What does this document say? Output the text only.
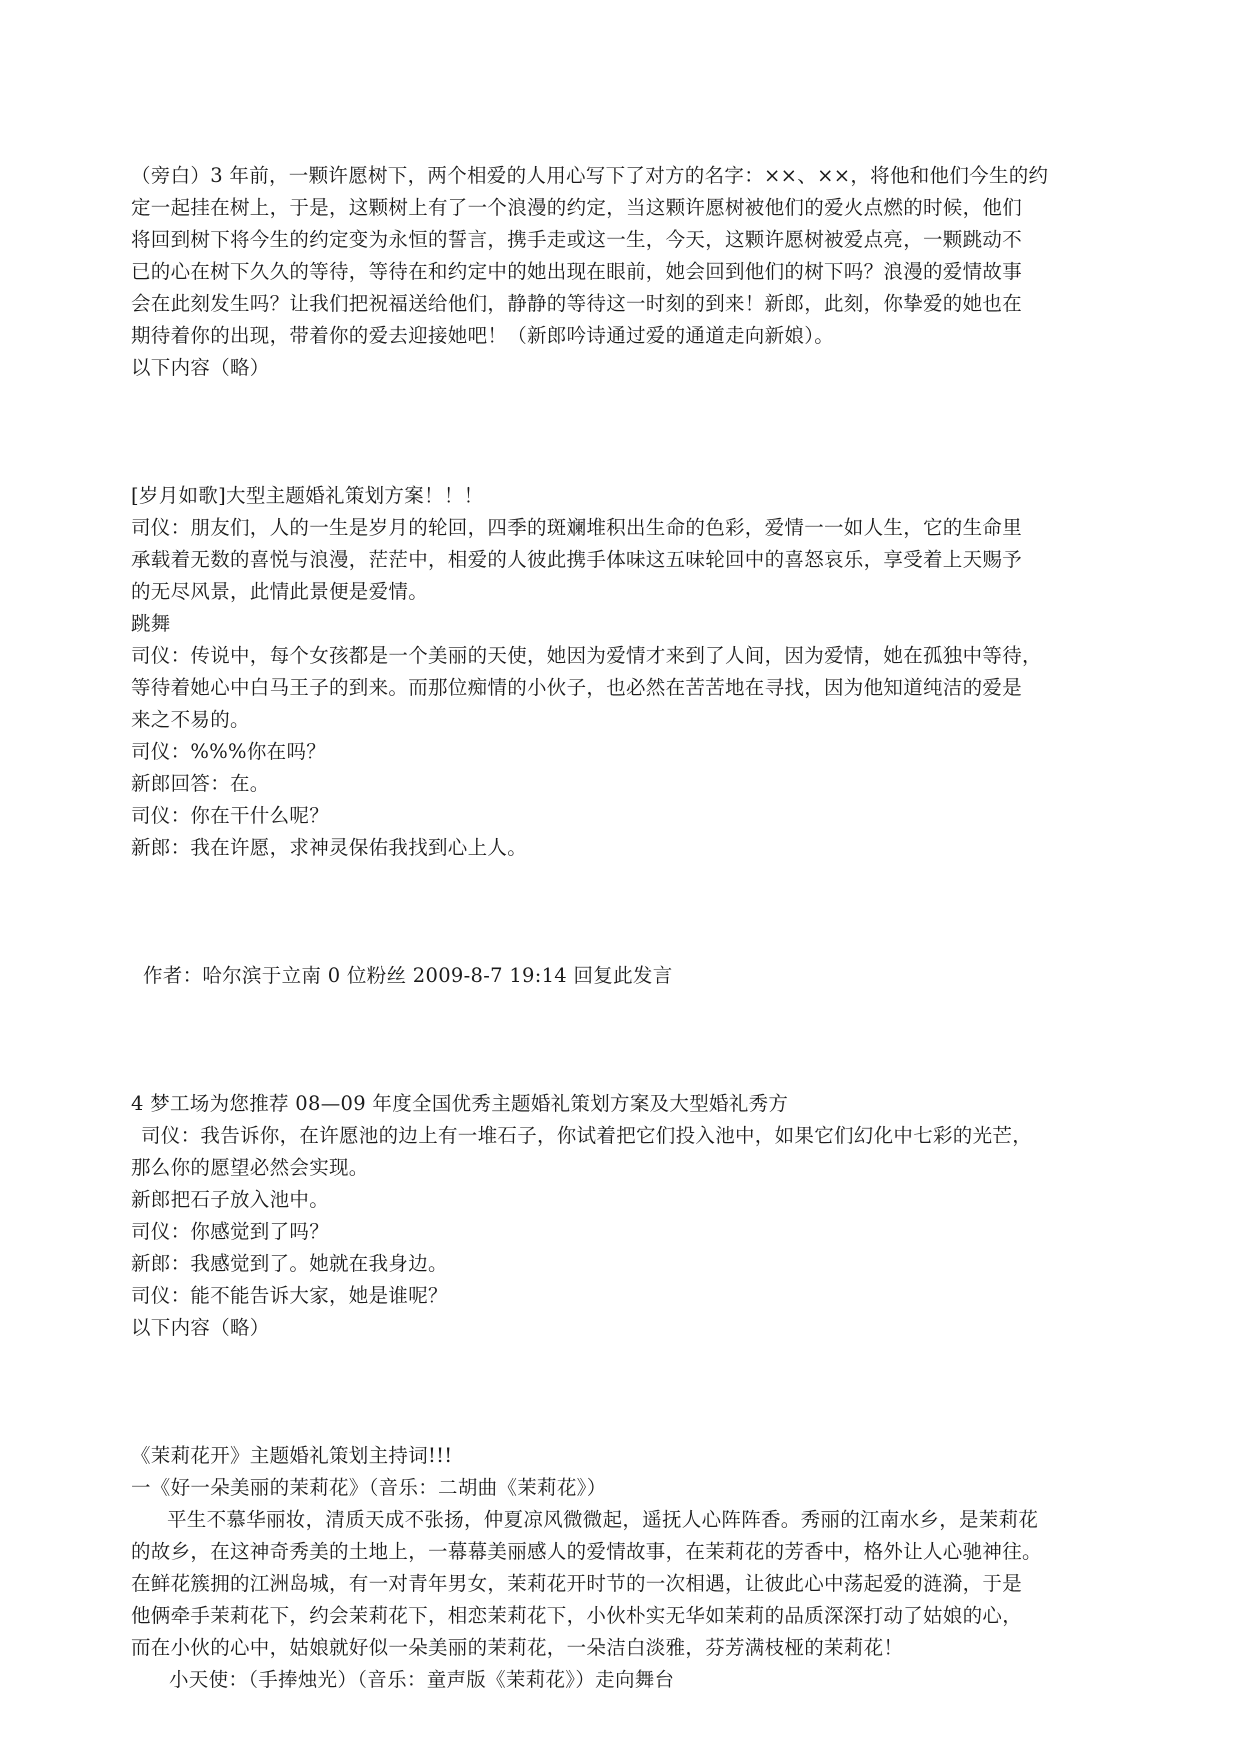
（旁白）3 年前，一颗许愿树下，两个相爱的人用心写下了对方的名字：××、××，将他和他们今生的约
定一起挂在树上，于是，这颗树上有了一个浪漫的约定，当这颗许愿树被他们的爱火点燃的时候，他们
将回到树下将今生的约定变为永恒的誓言，携手走或这一生，今天，这颗许愿树被爱点亮，一颗跳动不
已的心在树下久久的等待，等待在和约定中的她出现在眼前，她会回到他们的树下吗？浪漫的爱情故事
会在此刻发生吗？让我们把祝福送给他们，静静的等待这一时刻的到来！新郎，此刻，你挚爱的她也在
期待着你的出现，带着你的爱去迎接她吧！（新郎吟诗通过爱的通道走向新娘）。
以下内容（略）
[岁月如歌]大型主题婚礼策划方案！！！
司仪：朋友们，人的一生是岁月的轮回，四季的斑斓堆积出生命的色彩，爱情一一如人生，它的生命里
承载着无数的喜悦与浪漫，茫茫中，相爱的人彼此携手体味这五味轮回中的喜怒哀乐，享受着上天赐予
的无尽风景，此情此景便是爱情。
跳舞
司仪：传说中，每个女孩都是一个美丽的天使，她因为爱情才来到了人间，因为爱情，她在孤独中等待，
等待着她心中白马王子的到来。而那位痴情的小伙子，也必然在苦苦地在寻找，因为他知道纯洁的爱是
来之不易的。
司仪：%%%你在吗？
新郎回答：在。
司仪：你在干什么呢？
新郎：我在许愿，求神灵保佑我找到心上人。
作者：哈尔滨于立南 0 位粉丝 2009-8-7 19:14 回复此发言
4 梦工场为您推荐 08—09 年度全国优秀主题婚礼策划方案及大型婚礼秀方
司仪：我告诉你，在许愿池的边上有一堆石子，你试着把它们投入池中，如果它们幻化中七彩的光芒，
那么你的愿望必然会实现。
新郎把石子放入池中。
司仪：你感觉到了吗？
新郎：我感觉到了。她就在我身边。
司仪：能不能告诉大家，她是谁呢？
以下内容（略）
《茉莉花开》主题婚礼策划主持词!!!
一《好一朵美丽的茉莉花》（音乐：二胡曲《茉莉花》）
平生不慕华丽妆，清质天成不张扬，仲夏凉风微微起，遥抚人心阵阵香。秀丽的江南水乡，是茉莉花
的故乡，在这神奇秀美的土地上，一幕幕美丽感人的爱情故事，在茉莉花的芳香中，格外让人心驰神往。
在鲜花簇拥的江洲岛城，有一对青年男女，茉莉花开时节的一次相遇，让彼此心中荡起爱的涟漪，于是
他俩牵手茉莉花下，约会茉莉花下，相恋茉莉花下，小伙朴实无华如茉莉的品质深深打动了姑娘的心，
而在小伙的心中，姑娘就好似一朵美丽的茉莉花，一朵洁白淡雅，芬芳满枝桠的茉莉花！
小天使：（手捧烛光）（音乐：童声版《茉莉花》）走向舞台
